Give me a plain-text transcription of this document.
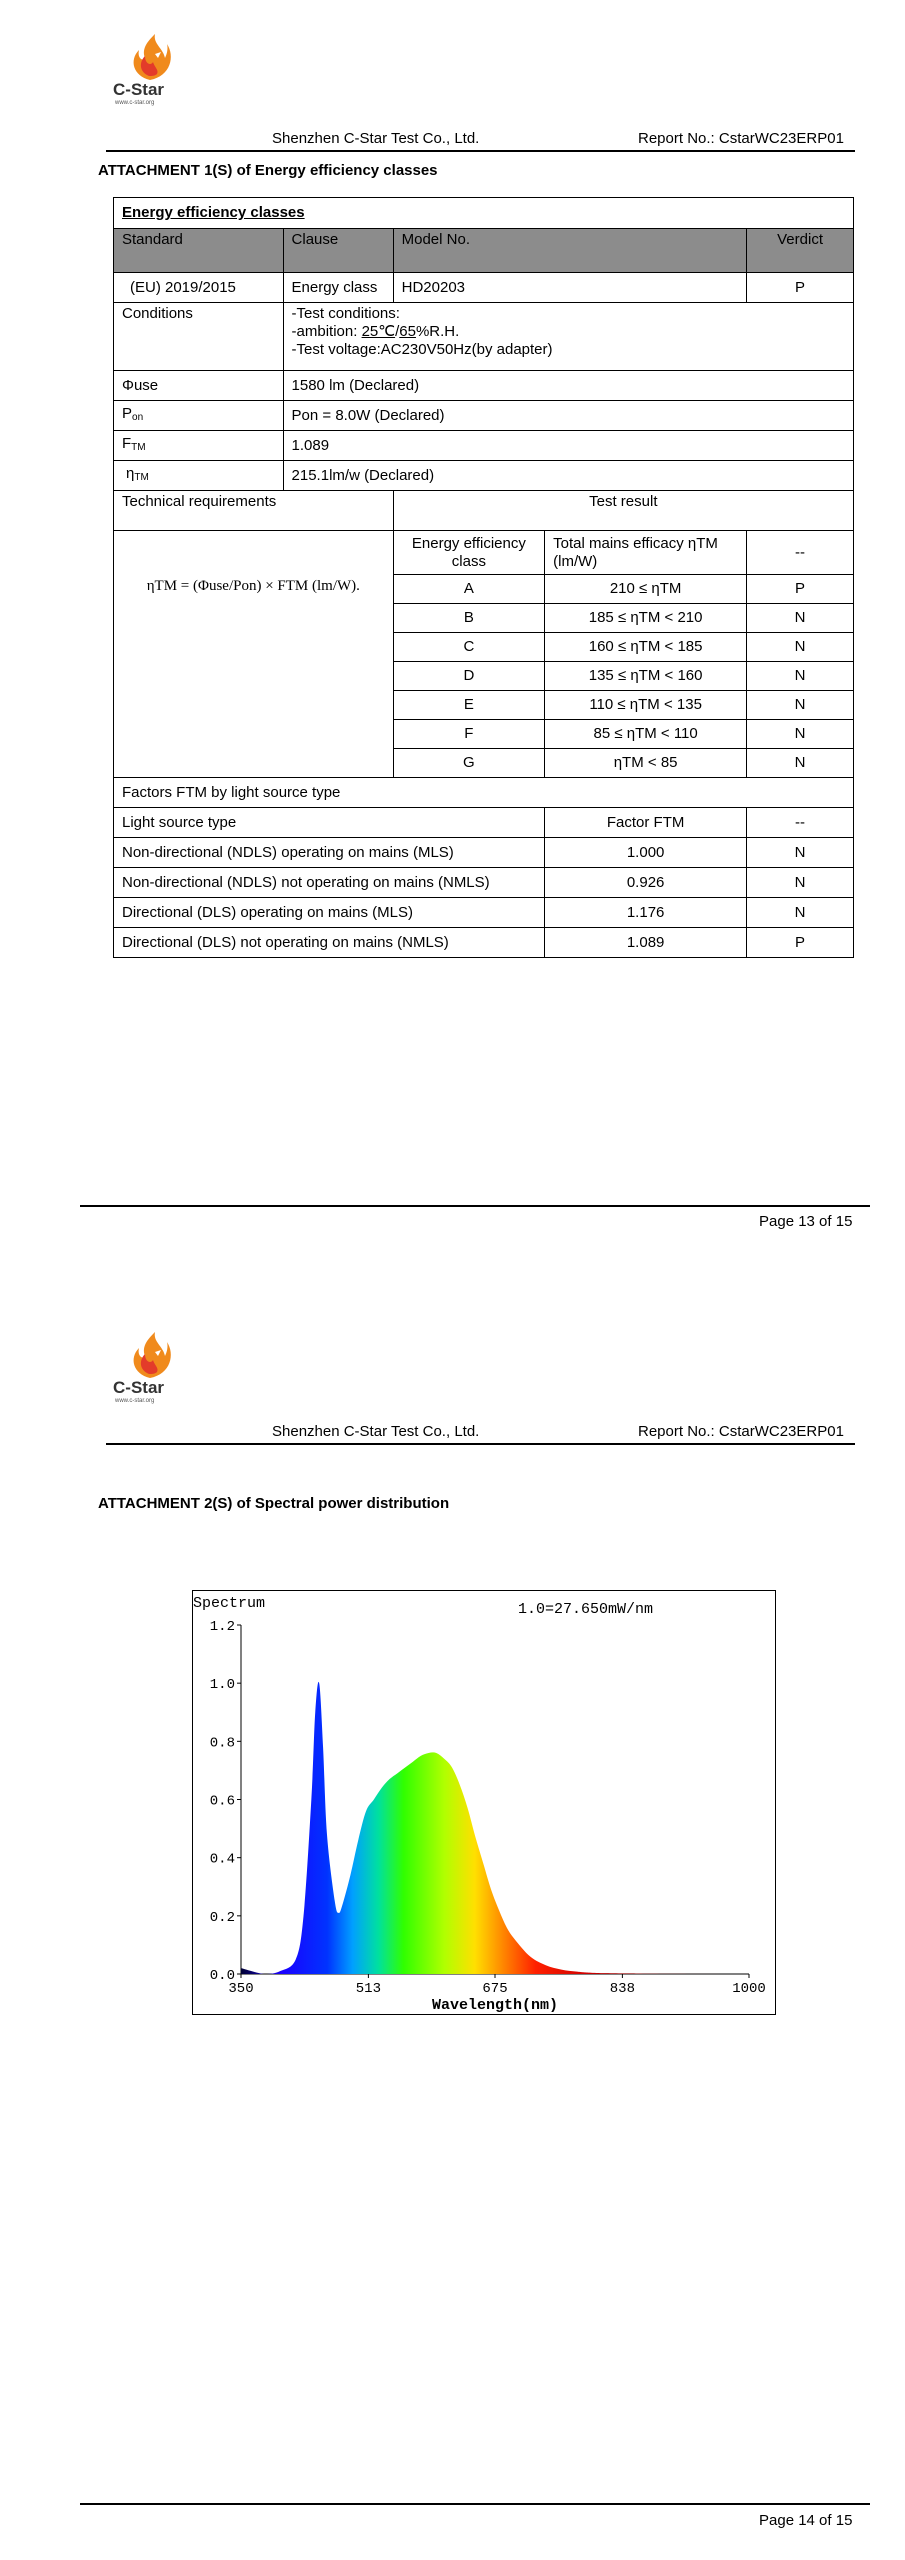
C-Star
www.c-star.org
Shenzhen C-Star Test Co., Ltd.	Report No.: CstarWC23ERP01
ATTACHMENT 1(S) of Energy efficiency classes
Energy efficiency classes				
Standard	Clause	Model No.		Verdict
(EU) 2019/2015	Energy class	HD20203		P
Conditions	-Test conditions:
-ambition: 25℃/65%R.H.
-Test voltage:AC230V50Hz(by adapter)			

Φuse	1580 lm (Declared)			
$P_{on}$	Pon = 8.0W (Declared)			
$F_{TM}$	1.089			
$\eta_{TM}$	215.1lm/w (Declared)			
Technical requirements		Test result		

ηTM = (Φuse/Pon) × FTM (lm/W).		Energy efficiency class	Total mains efficacy ηTM (lm/W)	--
		A	210 ≤ ηTM	P
		B	185 ≤ ηTM < 210	N
		C	160 ≤ ηTM < 185	N
		D	135 ≤ ηTM < 160	N
		E	110 ≤ ηTM < 135	N
		F	85 ≤ ηTM < 110	N
		G	ηTM < 85	N
Factors FTM by light source type				
Light source type			Factor FTM	--
Non-directional (NDLS) operating on mains (MLS)			1.000	N
Non-directional (NDLS) not operating on mains (NMLS)			0.926	N
Directional (DLS) operating on mains (MLS)			1.176	N
Directional (DLS) not operating on mains (NMLS)			1.089	P
Page 13 of 15
C-Star
www.c-star.org
Shenzhen C-Star Test Co., Ltd.	Report No.: CstarWC23ERP01
ATTACHMENT 2(S) of Spectral power distribution
Spectrum	1.0=27.650mW/nm
0.0
0.2
0.4
0.6
0.8
1.0
1.2
350	513	675	838	1000
Wavelength(nm)
Page 14 of 15
